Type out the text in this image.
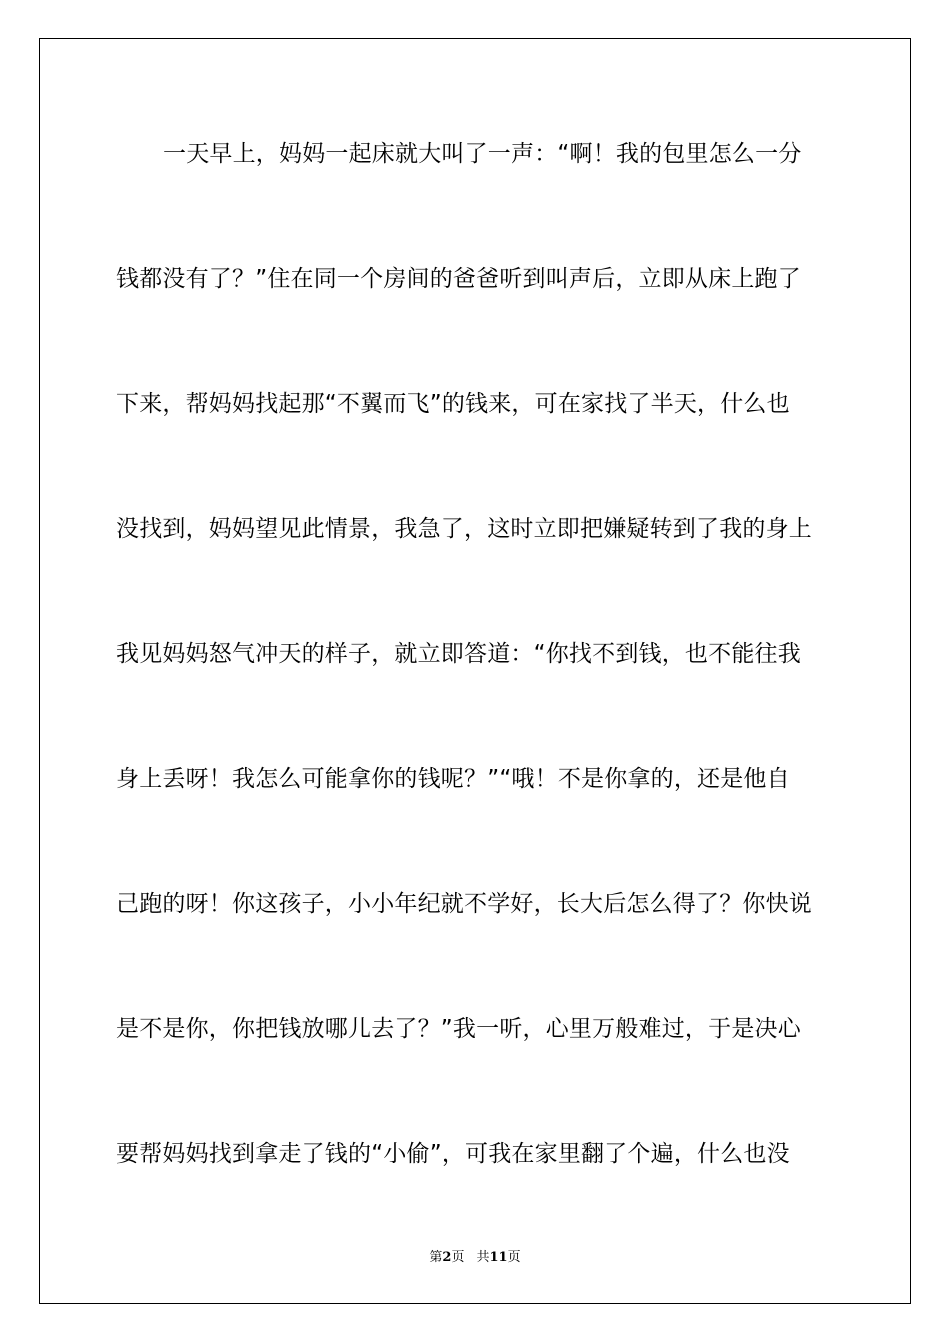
一天早上，妈妈一起床就大叫了一声：“啊！我的包里怎么一分
钱都没有了？”住在同一个房间的爸爸听到叫声后，立即从床上跑了
下来，帮妈妈找起那“不翼而飞”的钱来，可在家找了半天，什么也
没找到，妈妈望见此情景，我急了，这时立即把嫌疑转到了我的身上
我见妈妈怒气冲天的样子，就立即答道：“你找不到钱，也不能往我
身上丢呀！我怎么可能拿你的钱呢？”“哦！不是你拿的，还是他自
己跑的呀！你这孩子，小小年纪就不学好，长大后怎么得了？你快说
是不是你，你把钱放哪儿去了？”我一听，心里万般难过，于是决心
要帮妈妈找到拿走了钱的“小偷”，可我在家里翻了个遍，什么也没
第2页 共11页
